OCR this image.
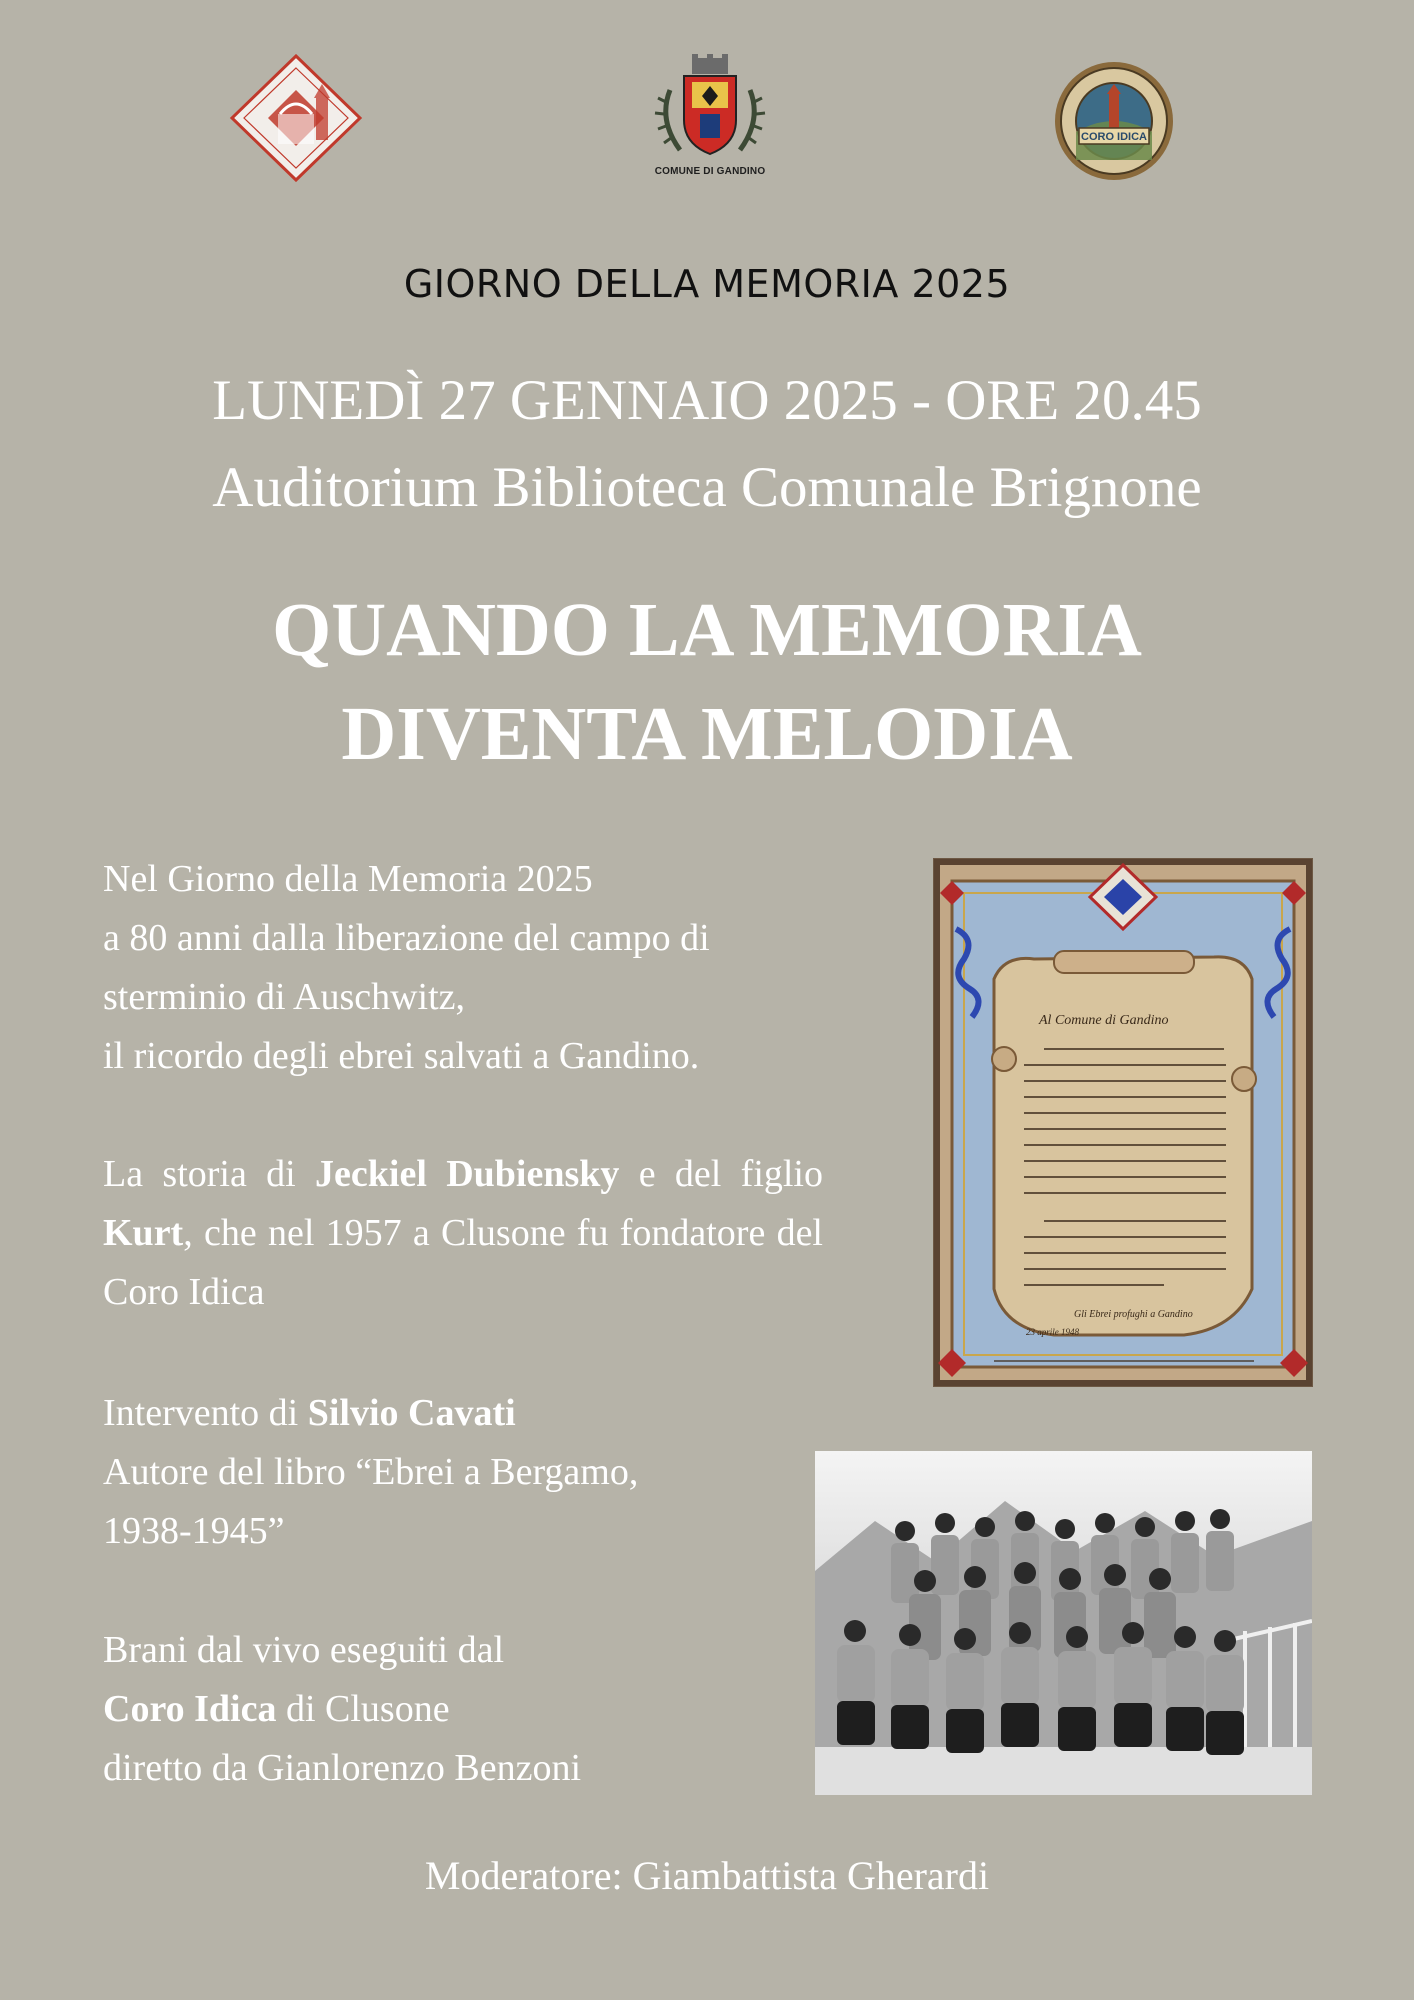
COMUNE DI GANDINO
CORO IDICA
GIORNO DELLA MEMORIA 2025
LUNEDÌ 27 GENNAIO 2025 - ORE 20.45
Auditorium Biblioteca Comunale Brignone
QUANDO LA MEMORIA
DIVENTA MELODIA
Nel Giorno della Memoria 2025
a 80 anni dalla liberazione del campo di
sterminio di Auschwitz,
il ricordo degli ebrei salvati a Gandino.

La storia di Jeckiel Dubiensky e del figlio Kurt, che nel 1957 a Clusone fu fondatore del Coro Idica

Intervento di Silvio Cavati
Autore del libro “Ebrei a Bergamo,
1938-1945”
Brani dal vivo eseguiti dal
Coro Idica di Clusone
diretto da Gianlorenzo Benzoni
Al Comune di Gandino
Gli Ebrei profughi a Gandino
23 aprile 1948
Moderatore: Giambattista Gherardi
